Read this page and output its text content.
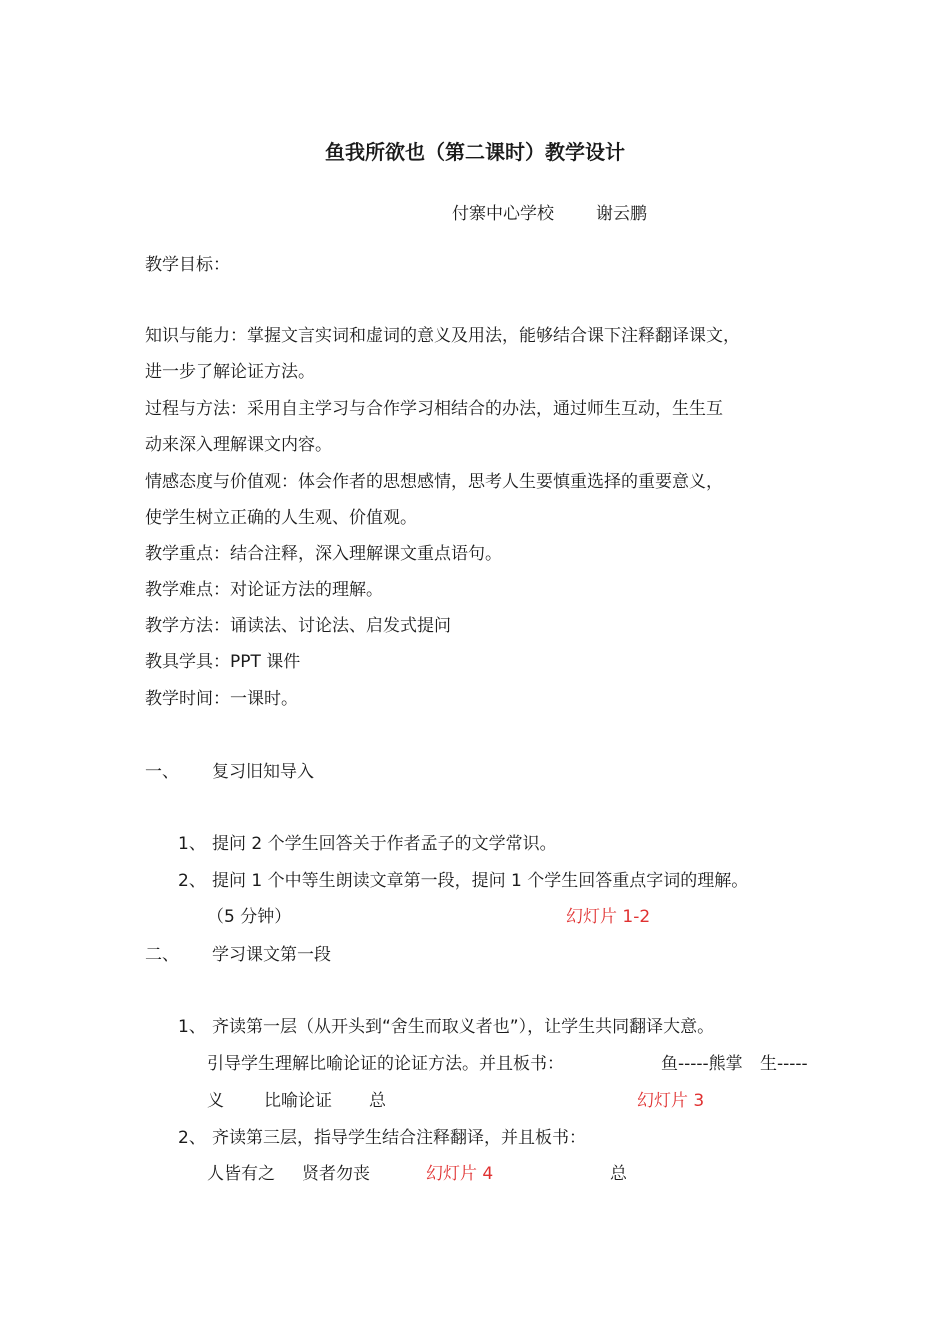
鱼我所欲也（第二课时）教学设计
付寨中心学校 谢云鹏
教学目标：
知识与能力：掌握文言实词和虚词的意义及用法，能够结合课下注释翻译课文，
进一步了解论证方法。
过程与方法：采用自主学习与合作学习相结合的办法，通过师生互动，生生互
动来深入理解课文内容。
情感态度与价值观：体会作者的思想感情，思考人生要慎重选择的重要意义，
使学生树立正确的人生观、价值观。
教学重点：结合注释，深入理解课文重点语句。
教学难点：对论证方法的理解。
教学方法：诵读法、讨论法、启发式提问
教具学具：PPT 课件
教学时间：一课时。
一、 复习旧知导入
1、 提问 2 个学生回答关于作者孟子的文学常识。
2、 提问 1 个中等生朗读文章第一段，提问 1 个学生回答重点字词的理解。
（5 分钟）	幻灯片 1-2
二、 学习课文第一段
1、 齐读第一层（从开头到“舍生而取义者也”），让学生共同翻译大意。
引导学生理解比喻论证的论证方法。并且板书：	鱼-----熊掌 生-----
义 比喻论证 总	幻灯片 3
2、 齐读第三层，指导学生结合注释翻译，并且板书：
人皆有之 贤者勿丧	幻灯片 4	总
